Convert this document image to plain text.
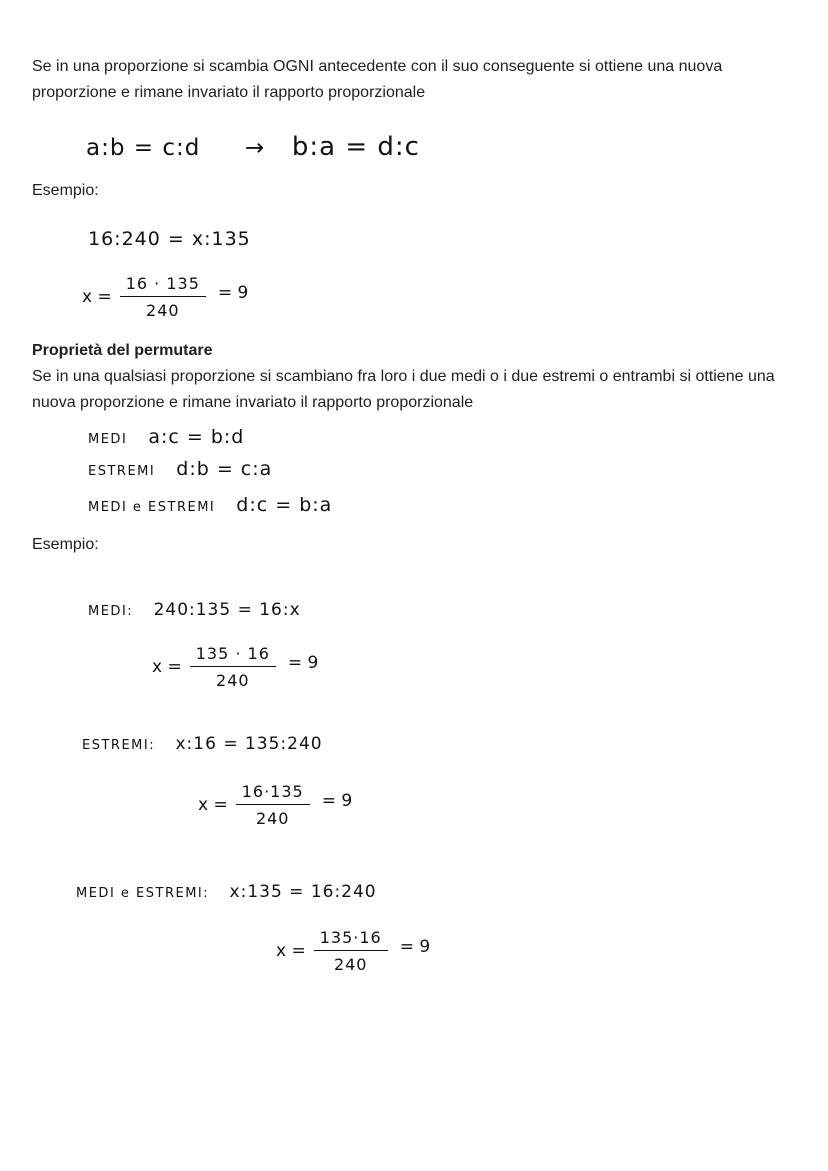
Se in una proporzione si scambia OGNI antecedente con il suo conseguente si ottiene una nuova proporzione e rimane invariato il rapporto proporzionale

a:b = c:d → b:a = d:c
Esempio:
16:240 = x:135
$x = \frac{16 \cdot 135}{240} = 9$
Proprietà del permutare

Se in una qualsiasi proporzione si scambiano fra loro i due medi o i due estremi o entrambi si ottiene una nuova proporzione e rimane invariato il rapporto proporzionale

MEDI a:c = b:d
ESTREMI d:b = c:a
MEDI e ESTREMI d:c = b:a
Esempio:
MEDI: 240:135 = 16:x
$x = \frac{135 \cdot 16}{240} = 9$
ESTREMI: x:16 = 135:240
$x = \frac{16\cdot 135}{240} = 9$
MEDI e ESTREMI: x:135 = 16:240
$x = \frac{135\cdot 16}{240} = 9$
